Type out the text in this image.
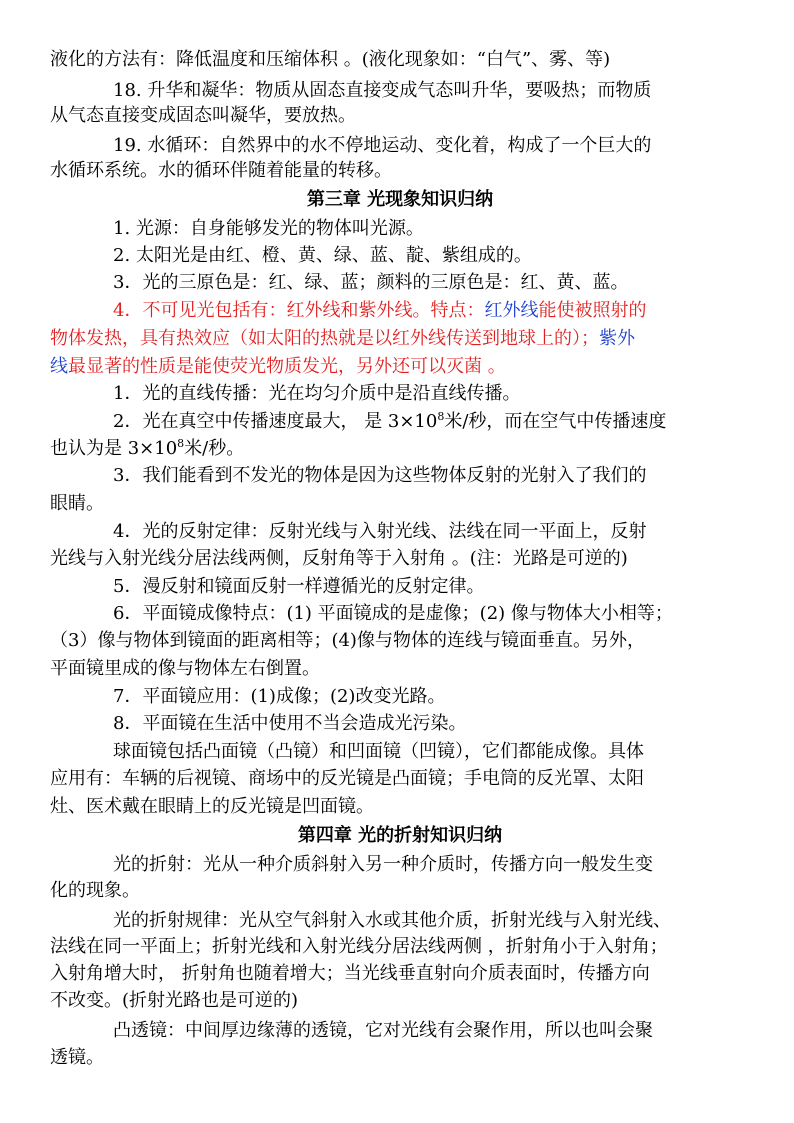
液化的方法有：降低温度和压缩体积 。(液化现象如：“白气”、雾、等)
18. 升华和凝华：物质从固态直接变成气态叫升华，要吸热；而物质
从气态直接变成固态叫凝华，要放热。
19. 水循环：自然界中的水不停地运动、变化着，构成了一个巨大的
水循环系统。水的循环伴随着能量的转移。
第三章 光现象知识归纳
1. 光源：自身能够发光的物体叫光源。
2. 太阳光是由红、橙、黄、绿、蓝、靛、紫组成的。
3．光的三原色是：红、绿、蓝；颜料的三原色是：红、黄、蓝。
4．不可见光包括有：红外线和紫外线。特点：红外线能使被照射的
物体发热，具有热效应（如太阳的热就是以红外线传送到地球上的）；紫外
线最显著的性质是能使荧光物质发光，另外还可以灭菌 。
1．光的直线传播：光在均匀介质中是沿直线传播。
2．光在真空中传播速度最大， 是 $3\times 10^8$米/秒，而在空气中传播速度
也认为是 $3\times 10^8$米/秒。
3．我们能看到不发光的物体是因为这些物体反射的光射入了我们的
眼睛。
4．光的反射定律：反射光线与入射光线、法线在同一平面上，反射
光线与入射光线分居法线两侧，反射角等于入射角 。(注：光路是可逆的)
5．漫反射和镜面反射一样遵循光的反射定律。
6．平面镜成像特点：(1) 平面镜成的是虚像；(2) 像与物体大小相等；
（3）像与物体到镜面的距离相等；(4)像与物体的连线与镜面垂直。另外，
平面镜里成的像与物体左右倒置。
7．平面镜应用：(1)成像；(2)改变光路。
8．平面镜在生活中使用不当会造成光污染。
球面镜包括凸面镜（凸镜）和凹面镜（凹镜），它们都能成像。具体
应用有：车辆的后视镜、商场中的反光镜是凸面镜；手电筒的反光罩、太阳
灶、医术戴在眼睛上的反光镜是凹面镜。
第四章 光的折射知识归纳
光的折射：光从一种介质斜射入另一种介质时，传播方向一般发生变
化的现象。
光的折射规律：光从空气斜射入水或其他介质，折射光线与入射光线、
法线在同一平面上；折射光线和入射光线分居法线两侧 ，折射角小于入射角；
入射角增大时， 折射角也随着增大；当光线垂直射向介质表面时，传播方向
不改变。(折射光路也是可逆的)
凸透镜：中间厚边缘薄的透镜，它对光线有会聚作用，所以也叫会聚
透镜。
